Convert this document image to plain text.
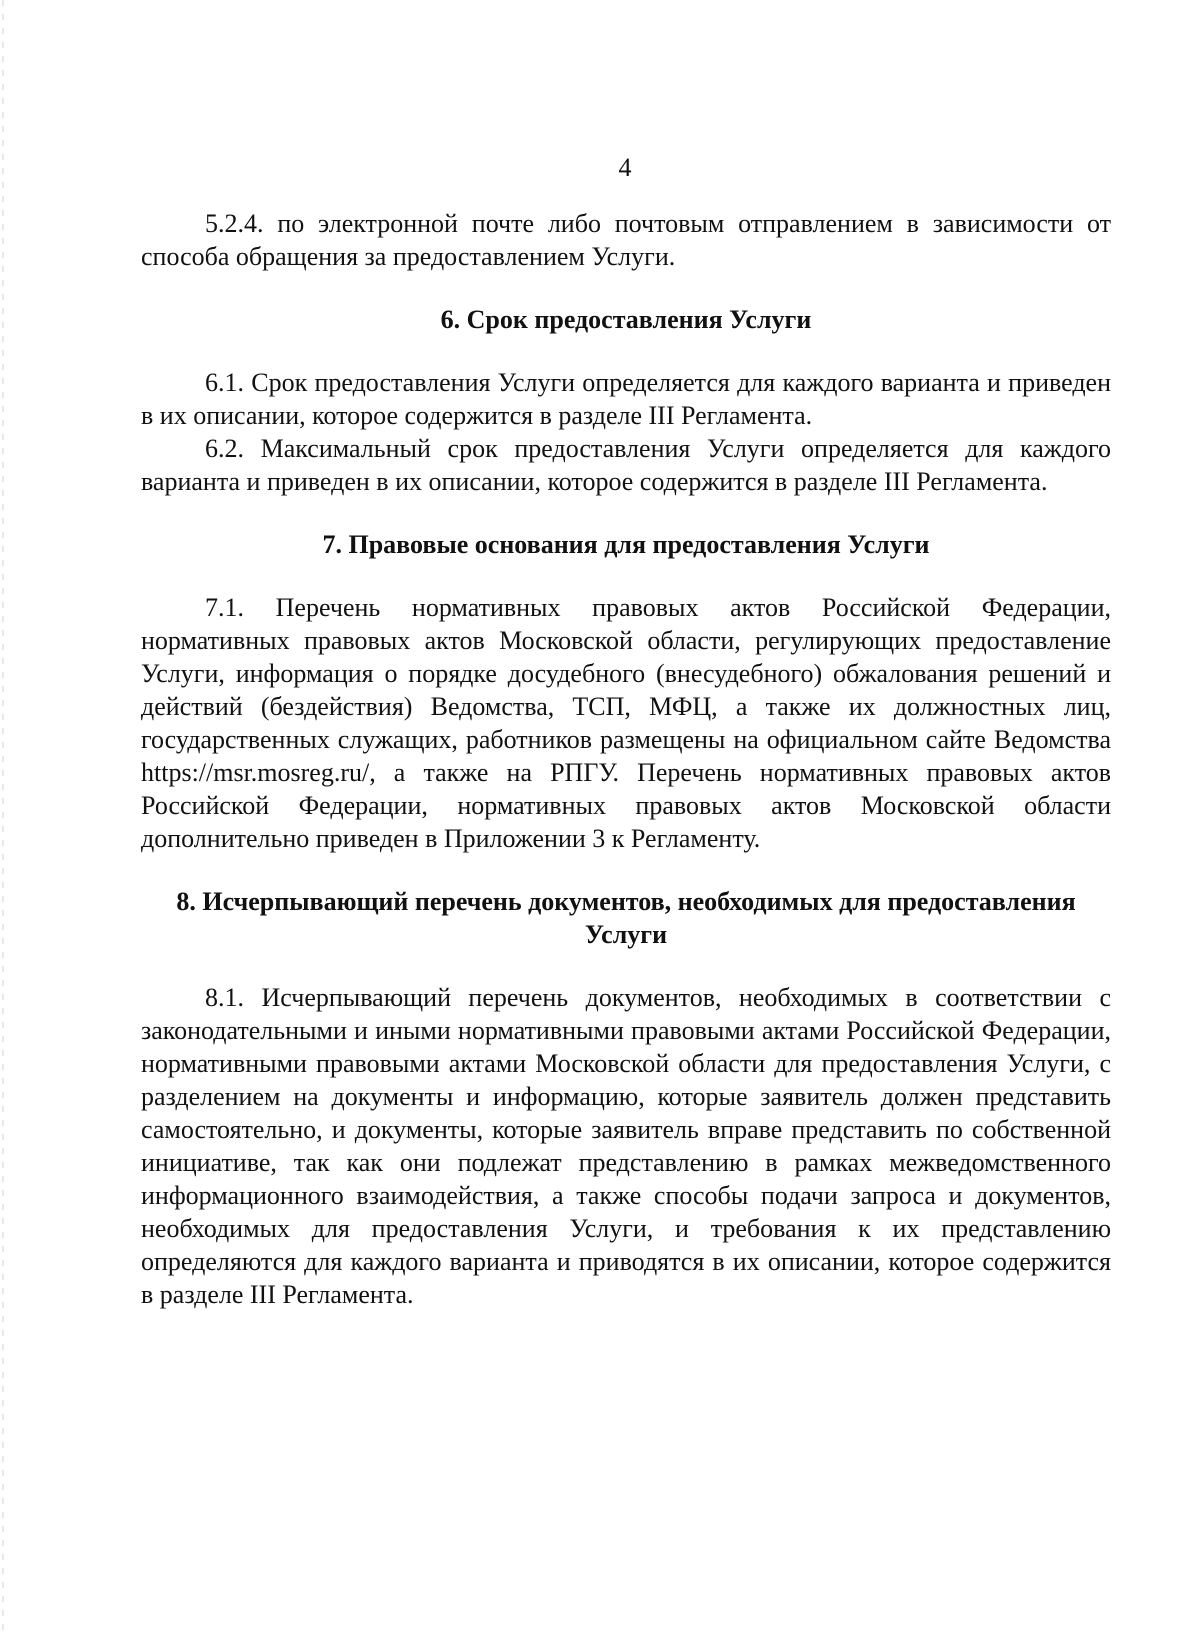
4

5.2.4. по электронной почте либо почтовым отправлением в зависимости от способа обращения за предоставлением Услуги.

6. Срок предоставления Услуги

6.1. Срок предоставления Услуги определяется для каждого варианта и приведен в их описании, которое содержится в разделе III Регламента.

6.2. Максимальный срок предоставления Услуги определяется для каждого варианта и приведен в их описании, которое содержится в разделе III Регламента.

7. Правовые основания для предоставления Услуги

7.1. Перечень нормативных правовых актов Российской Федерации, нормативных правовых актов Московской области, регулирующих предоставление Услуги, информация о порядке досудебного (внесудебного) обжалования решений и действий (бездействия) Ведомства, ТСП, МФЦ, а также их должностных лиц, государственных служащих, работников размещены на официальном сайте Ведомства https://msr.mosreg.ru/, а также на РПГУ. Перечень нормативных правовых актов Российской Федерации, нормативных правовых актов Московской области дополнительно приведен в Приложении 3 к Регламенту.

8. Исчерпывающий перечень документов, необходимых для предоставления Услуги

8.1. Исчерпывающий перечень документов, необходимых в соответствии с законодательными и иными нормативными правовыми актами Российской Федерации, нормативными правовыми актами Московской области для предоставления Услуги, с разделением на документы и информацию, которые заявитель должен представить самостоятельно, и документы, которые заявитель вправе представить по собственной инициативе, так как они подлежат представлению в рамках межведомственного информационного взаимодействия, а также способы подачи запроса и документов, необходимых для предоставления Услуги, и требования к их представлению определяются для каждого варианта и приводятся в их описании, которое содержится в разделе III Регламента.
